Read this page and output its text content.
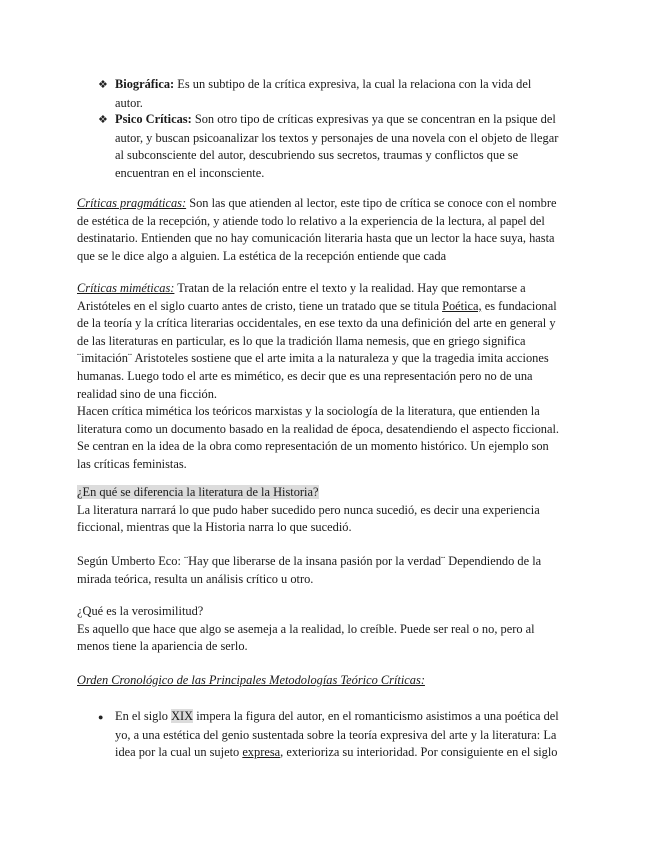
❖ Biográfica: Es un subtipo de la crítica expresiva, la cual la relaciona con la vida del
autor.
❖ Psico Críticas: Son otro tipo de críticas expresivas ya que se concentran en la psique del
autor, y buscan psicoanalizar los textos y personajes de una novela con el objeto de llegar
al subconsciente del autor, descubriendo sus secretos, traumas y conflictos que se
encuentran en el inconsciente.
Críticas pragmáticas: Son las que atienden al lector, este tipo de crítica se conoce con el nombre
de estética de la recepción, y atiende todo lo relativo a la experiencia de la lectura, al papel del
destinatario. Entienden que no hay comunicación literaria hasta que un lector la hace suya, hasta
que se le dice algo a alguien. La estética de la recepción entiende que cada
Críticas miméticas: Tratan de la relación entre el texto y la realidad. Hay que remontarse a
Aristóteles en el siglo cuarto antes de cristo, tiene un tratado que se titula Poética, es fundacional
de la teoría y la crítica literarias occidentales, en ese texto da una definición del arte en general y
de las literaturas en particular, es lo que la tradición llama nemesis, que en griego significa
¨imitación¨ Aristoteles sostiene que el arte imita a la naturaleza y que la tragedia imita acciones
humanas. Luego todo el arte es mimético, es decir que es una representación pero no de una
realidad sino de una ficción.
Hacen crítica mimética los teóricos marxistas y la sociología de la literatura, que entienden la
literatura como un documento basado en la realidad de época, desatendiendo el aspecto ficcional.
Se centran en la idea de la obra como representación de un momento histórico. Un ejemplo son
las críticas feministas.
¿En qué se diferencia la literatura de la Historia?
La literatura narrará lo que pudo haber sucedido pero nunca sucedió, es decir una experiencia
ficcional, mientras que la Historia narra lo que sucedió.
Según Umberto Eco: ¨Hay que liberarse de la insana pasión por la verdad¨ Dependiendo de la
mirada teórica, resulta un análisis crítico u otro.
¿Qué es la verosimilitud?
Es aquello que hace que algo se asemeja a la realidad, lo creíble. Puede ser real o no, pero al
menos tiene la apariencia de serlo.
Orden Cronológico de las Principales Metodologías Teórico Críticas:
● En el siglo XIX impera la figura del autor, en el romanticismo asistimos a una poética del
yo, a una estética del genio sustentada sobre la teoría expresiva del arte y la literatura: La
idea por la cual un sujeto expresa, exterioriza su interioridad. Por consiguiente en el siglo
